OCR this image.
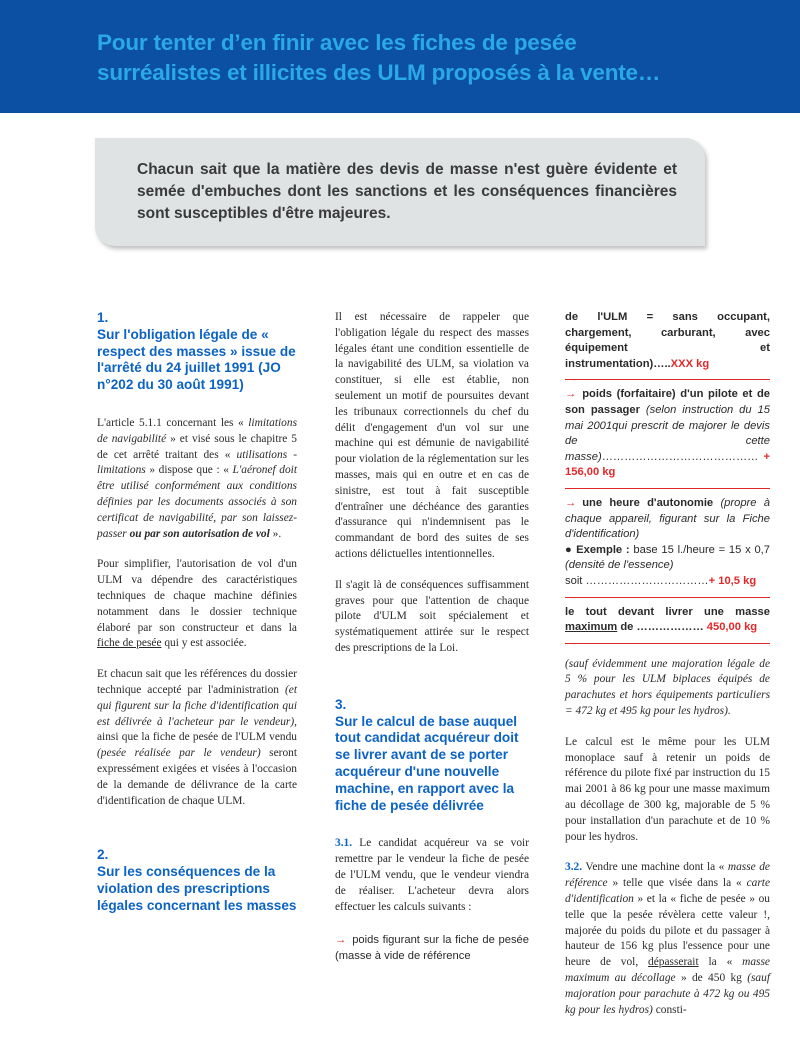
Pour tenter d’en finir avec les fiches de pesée
surréalistes et illicites des ULM proposés à la vente…

Chacun sait que la matière des devis de masse n'est guère évidente et semée d'embuches dont les sanctions et les conséquences financières sont susceptibles d'être majeures.

1.
Sur l'obligation légale de « respect des masses » issue de l'arrêté du 24 juillet 1991 (JO n°202 du 30 août 1991)

L'article 5.1.1 concernant les « limitations de navigabilité » et visé sous le chapitre 5 de cet arrêté traitant des « utilisations - limitations » dispose que : « L'aéronef doit être utilisé conformément aux conditions définies par les documents associés à son certificat de navigabilité, par son laissez-passer ou par son autorisation de vol ».

Pour simplifier, l'autorisation de vol d'un ULM va dépendre des caractéristiques techniques de chaque machine définies notamment dans le dossier technique élaboré par son constructeur et dans la fiche de pesée qui y est associée.

Et chacun sait que les références du dossier technique accepté par l'administration (et qui figurent sur la fiche d'identification qui est délivrée à l'acheteur par le vendeur), ainsi que la fiche de pesée de l'ULM vendu (pesée réalisée par le vendeur) seront expressément exigées et visées à l'occasion de la demande de délivrance de la carte d'identification de chaque ULM.

2.
Sur les conséquences de la violation des prescriptions légales concernant les masses

Il est nécessaire de rappeler que l'obligation légale du respect des masses légales étant une condition essentielle de la navigabilité des ULM, sa violation va constituer, si elle est établie, non seulement un motif de poursuites devant les tribunaux correctionnels du chef du délit d'engagement d'un vol sur une machine qui est démunie de navigabilité pour violation de la réglementation sur les masses, mais qui en outre et en cas de sinistre, est tout à fait susceptible d'entraîner une déchéance des garanties d'assurance qui n'indemnisent pas le commandant de bord des suites de ses actions délictuelles intentionnelles.

Il s'agit là de conséquences suffisamment graves pour que l'attention de chaque pilote d'ULM soit spécialement et systématiquement attirée sur le respect des prescriptions de la Loi.

3.
Sur le calcul de base auquel tout candidat acquéreur doit se livrer avant de se porter acquéreur d'une nouvelle machine, en rapport avec la fiche de pesée délivrée

3.1. Le candidat acquéreur va se voir remettre par le vendeur la fiche de pesée de l'ULM vendu, que le vendeur viendra de réaliser. L'acheteur devra alors effectuer les calculs suivants :

→ poids figurant sur la fiche de pesée (masse à vide de référence

de l'ULM = sans occupant, chargement, carburant, avec équipement et instrumentation)…..XXX kg

→ poids (forfaitaire) d'un pilote et de son passager (selon instruction du 15 mai 2001qui prescrit de majorer le devis de cette masse)…………………………………… + 156,00 kg

→ une heure d'autonomie (propre à chaque appareil, figurant sur la Fiche d'identification)

● Exemple : base 15 l./heure = 15 x 0,7 (densité de l'essence)
soit ……………………………+ 10,5 kg

le tout devant livrer une masse maximum de ……………… 450,00 kg

(sauf évidemment une majoration légale de 5 % pour les ULM biplaces équipés de parachutes et hors équipements particuliers = 472 kg et 495 kg pour les hydros).

Le calcul est le même pour les ULM monoplace sauf à retenir un poids de référence du pilote fixé par instruction du 15 mai 2001 à 86 kg pour une masse maximum au décollage de 300 kg, majorable de 5 % pour installation d'un parachute et de 10 % pour les hydros.

3.2. Vendre une machine dont la « masse de référence » telle que visée dans la « carte d'identification » et la « fiche de pesée » ou telle que la pesée révèlera cette valeur !, majorée du poids du pilote et du passager à hauteur de 156 kg plus l'essence pour une heure de vol, dépasserait la « masse maximum au décollage » de 450 kg (sauf majoration pour parachute à 472 kg ou 495 kg pour les hydros) consti-
